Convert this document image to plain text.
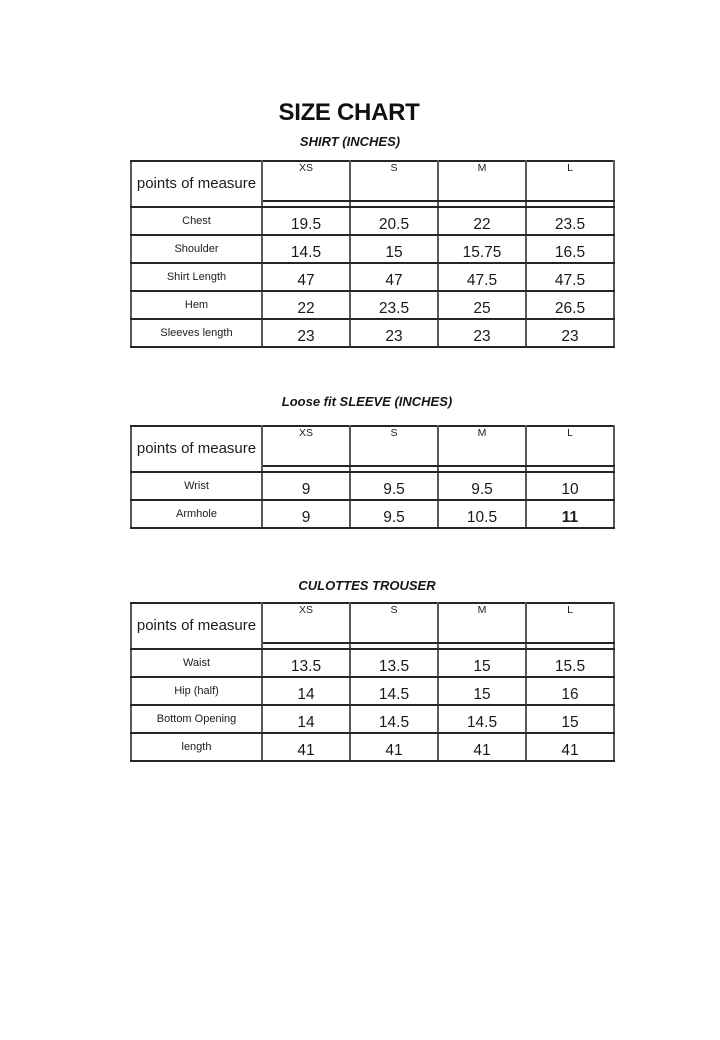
SIZE CHART
SHIRT (INCHES)
points of measure	XS	S	M	L

Chest	19.5	20.5	22	23.5
Shoulder	14.5	15	15.75	16.5
Shirt Length	47	47	47.5	47.5
Hem	22	23.5	25	26.5
Sleeves length	23	23	23	23
Loose fit SLEEVE (INCHES)
points of measure	XS	S	M	L

Wrist	9	9.5	9.5	10
Armhole	9	9.5	10.5	11
CULOTTES TROUSER
points of measure	XS	S	M	L

Waist	13.5	13.5	15	15.5
Hip (half)	14	14.5	15	16
Bottom Opening	14	14.5	14.5	15
length	41	41	41	41
